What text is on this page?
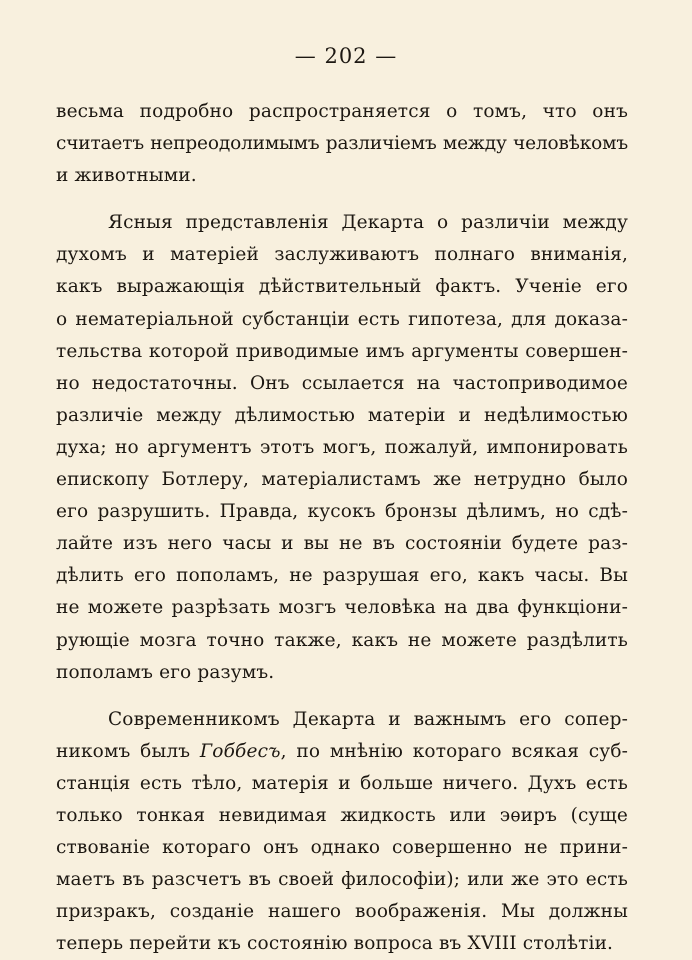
— 202 —
весьма подробно распространяется о томъ, что онъ
считаетъ непреодолимымъ различіемъ между человѣкомъ
и животными.
Ясныя представленія Декарта о различіи между
духомъ и матеріей заслуживаютъ полнаго вниманія,
какъ выражающія дѣйствительный фактъ. Ученіе его
о нематеріальной субстанціи есть гипотеза, для доказа-
тельства которой приводимые имъ аргументы совершен-
но недостаточны. Онъ ссылается на частоприводимое
различіе между дѣлимостью матеріи и недѣлимостью
духа; но аргументъ этотъ могъ, пожалуй, импонировать
епископу Ботлеру, матеріалистамъ же нетрудно было
его разрушить. Правда, кусокъ бронзы дѣлимъ, но сдѣ-
лайте изъ него часы и вы не въ состояніи будете раз-
дѣлить его пополамъ, не разрушая его, какъ часы. Вы
не можете разрѣзать мозгъ человѣка на два функціони-
рующіе мозга точно также, какъ не можете раздѣлить
пополамъ его разумъ.
Современникомъ Декарта и важнымъ его сопер-
никомъ былъ Гоббесъ, по мнѣнію котораго всякая суб-
станція есть тѣло, матерія и больше ничего. Духъ есть
только тонкая невидимая жидкость или эѳиръ (суще
ствованіе котораго онъ однако совершенно не прини-
маетъ въ разсчетъ въ своей философіи); или же это есть
призракъ, созданіе нашего воображенія. Мы должны
теперь перейти къ состоянію вопроса въ XVIII столѣтіи.
